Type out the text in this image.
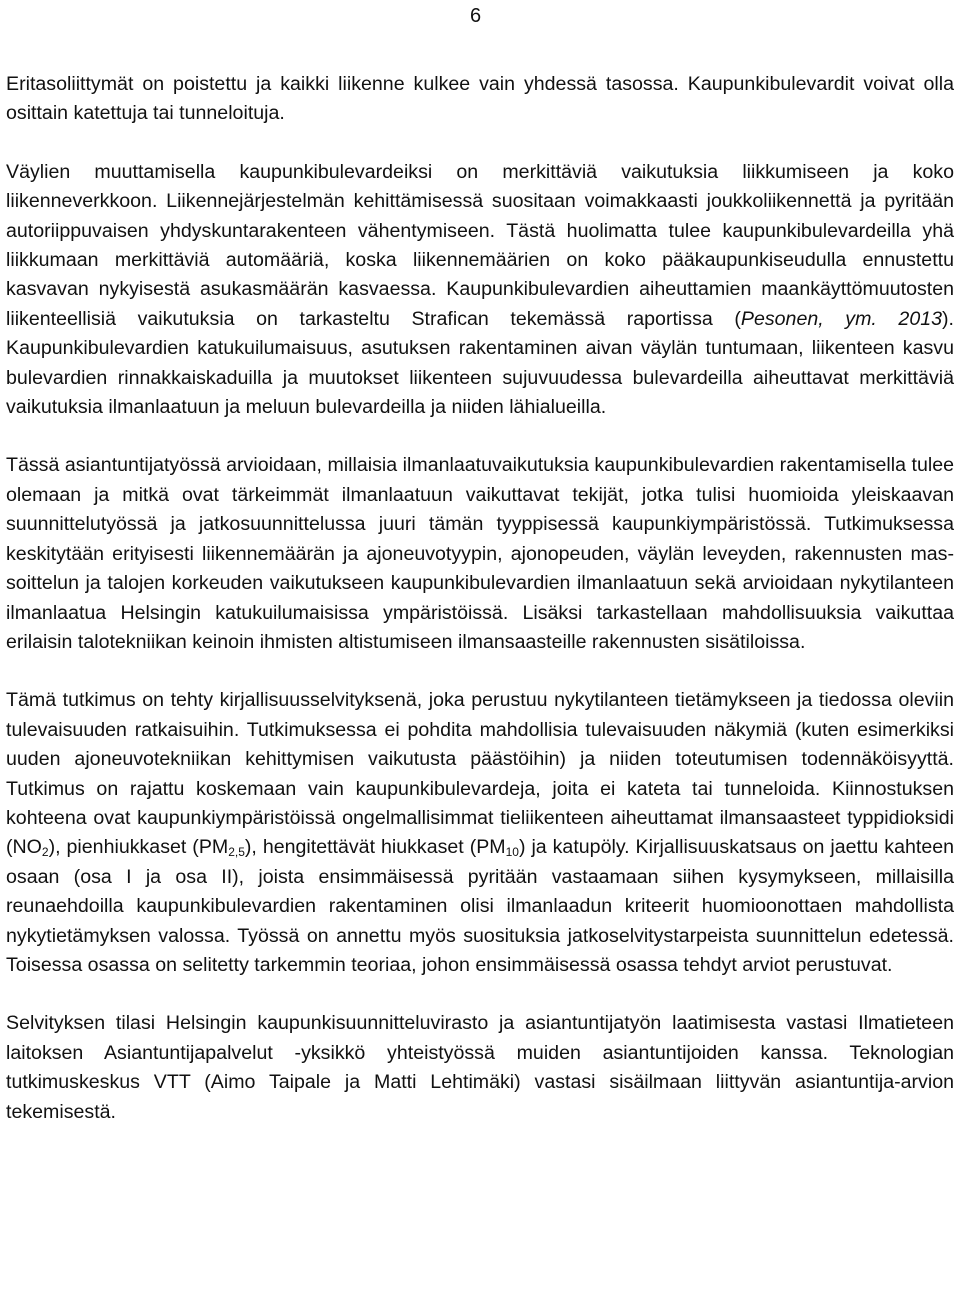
6

Eritasoliittymät on poistettu ja kaikki liikenne kulkee vain yhdessä tasossa. Kaupunkibulevardit voivat olla osittain katettuja tai tunneloituja.

Väylien muuttamisella kaupunkibulevardeiksi on merkittäviä vaikutuksia liikkumiseen ja koko liikenneverkkoon. Liikennejärjestelmän kehittämisessä suositaan voimakkaasti joukkoliikennettä ja pyritään autoriippuvaisen yhdyskuntarakenteen vähentymiseen. Tästä huolimatta tulee kaupunkibulevardeilla yhä liikkumaan merkittäviä automääriä, koska liikennemäärien on koko pääkaupunkiseudulla ennustettu kasvavan nykyisestä asukasmäärän kasvaessa. Kaupunkibulevardien aiheuttamien maankäyttömuutosten liikenteellisiä vaikutuksia on tarkasteltu Strafican tekemässä raportissa (Pesonen, ym. 2013). Kaupunkibulevardien katukuilumaisuus, asutuksen rakentaminen aivan väylän tuntumaan, liikenteen kasvu bulevardien rinnakkaiskaduilla ja muutokset liikenteen sujuvuudessa bulevardeilla aiheuttavat merkittäviä vaikutuksia ilmanlaatuun ja meluun bulevardeilla ja niiden lähialueilla.

Tässä asiantuntijatyössä arvioidaan, millaisia ilmanlaatuvaikutuksia kaupunkibulevardien rakentamisella tulee olemaan ja mitkä ovat tärkeimmät ilmanlaatuun vaikuttavat tekijät, jotka tulisi huomioida yleiskaavan suunnittelutyössä ja jatkosuunnittelussa juuri tämän tyyppisessä kaupunkiympäristössä. Tutkimuksessa keskitytään erityisesti liikennemäärän ja ajoneuvotyypin, ajonopeuden, väylän leveyden, rakennusten massoittelun ja talojen korkeuden vaikutukseen kaupunkibulevardien ilmanlaatuun sekä arvioidaan nykytilanteen ilmanlaatua Helsingin katukuilumaisissa ympäristöissä. Lisäksi tarkastellaan mahdollisuuksia vaikuttaa erilaisin talotekniikan keinoin ihmisten altistumiseen ilmansaasteille rakennusten sisätiloissa.

Tämä tutkimus on tehty kirjallisuusselvityksenä, joka perustuu nykytilanteen tietämykseen ja tiedossa oleviin tulevaisuuden ratkaisuihin. Tutkimuksessa ei pohdita mahdollisia tulevaisuuden näkymiä (kuten esimerkiksi uuden ajoneuvotekniikan kehittymisen vaikutusta päästöihin) ja niiden toteutumisen todennäköisyyttä. Tutkimus on rajattu koskemaan vain kaupunkibulevardeja, joita ei kateta tai tunneloida. Kiinnostuksen kohteena ovat kaupunkiympäristöissä ongelmallisimmat tieliikenteen aiheuttamat ilmansaasteet typpidioksidi $(NO_2)$, pienhiukkaset $(PM_{2,5})$, hengitettävät hiukkaset $(PM_{10})$ ja katupöly. Kirjallisuuskatsaus on jaettu kahteen osaan (osa I ja osa II), joista ensimmäisessä pyritään vastaamaan siihen kysymykseen, millaisilla reunaehdoilla kaupunkibulevardien rakentaminen olisi ilmanlaadun kriteerit huomioonottaen mahdollista nykytietämyksen valossa. Työssä on annettu myös suosituksia jatkoselvitystarpeista suunnittelun edetessä. Toisessa osassa on selitetty tarkemmin teoriaa, johon ensimmäisessä osassa tehdyt arviot perustuvat.

Selvityksen tilasi Helsingin kaupunkisuunnitteluvirasto ja asiantuntijatyön laatimisesta vastasi Ilmatieteen laitoksen Asiantuntijapalvelut -yksikkö yhteistyössä muiden asiantuntijoiden kanssa. Teknologian tutkimuskeskus VTT (Aimo Taipale ja Matti Lehtimäki) vastasi sisäilmaan liittyvän asiantuntija-arvion tekemisestä.
